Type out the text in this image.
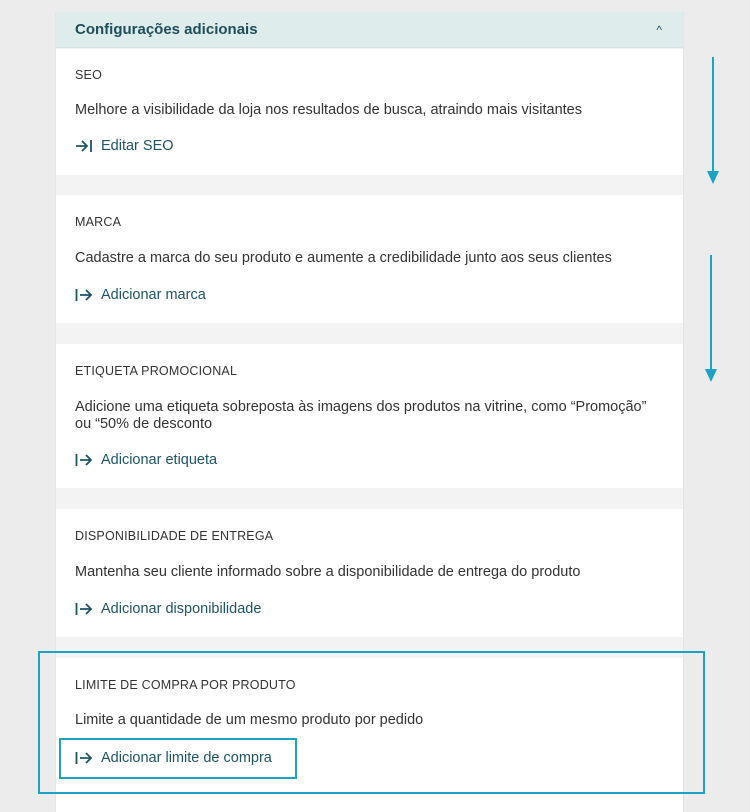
Configurações adicionais	^
SEO
Melhore a visibilidade da loja nos resultados de busca, atraindo mais visitantes
Editar SEO
MARCA
Cadastre a marca do seu produto e aumente a credibilidade junto aos seus clientes
Adicionar marca
ETIQUETA PROMOCIONAL
Adicione uma etiqueta sobreposta às imagens dos produtos na vitrine, como “Promoção”
ou “50% de desconto
Adicionar etiqueta
DISPONIBILIDADE DE ENTREGA
Mantenha seu cliente informado sobre a disponibilidade de entrega do produto
Adicionar disponibilidade
LIMITE DE COMPRA POR PRODUTO
Limite a quantidade de um mesmo produto por pedido
Adicionar limite de compra
